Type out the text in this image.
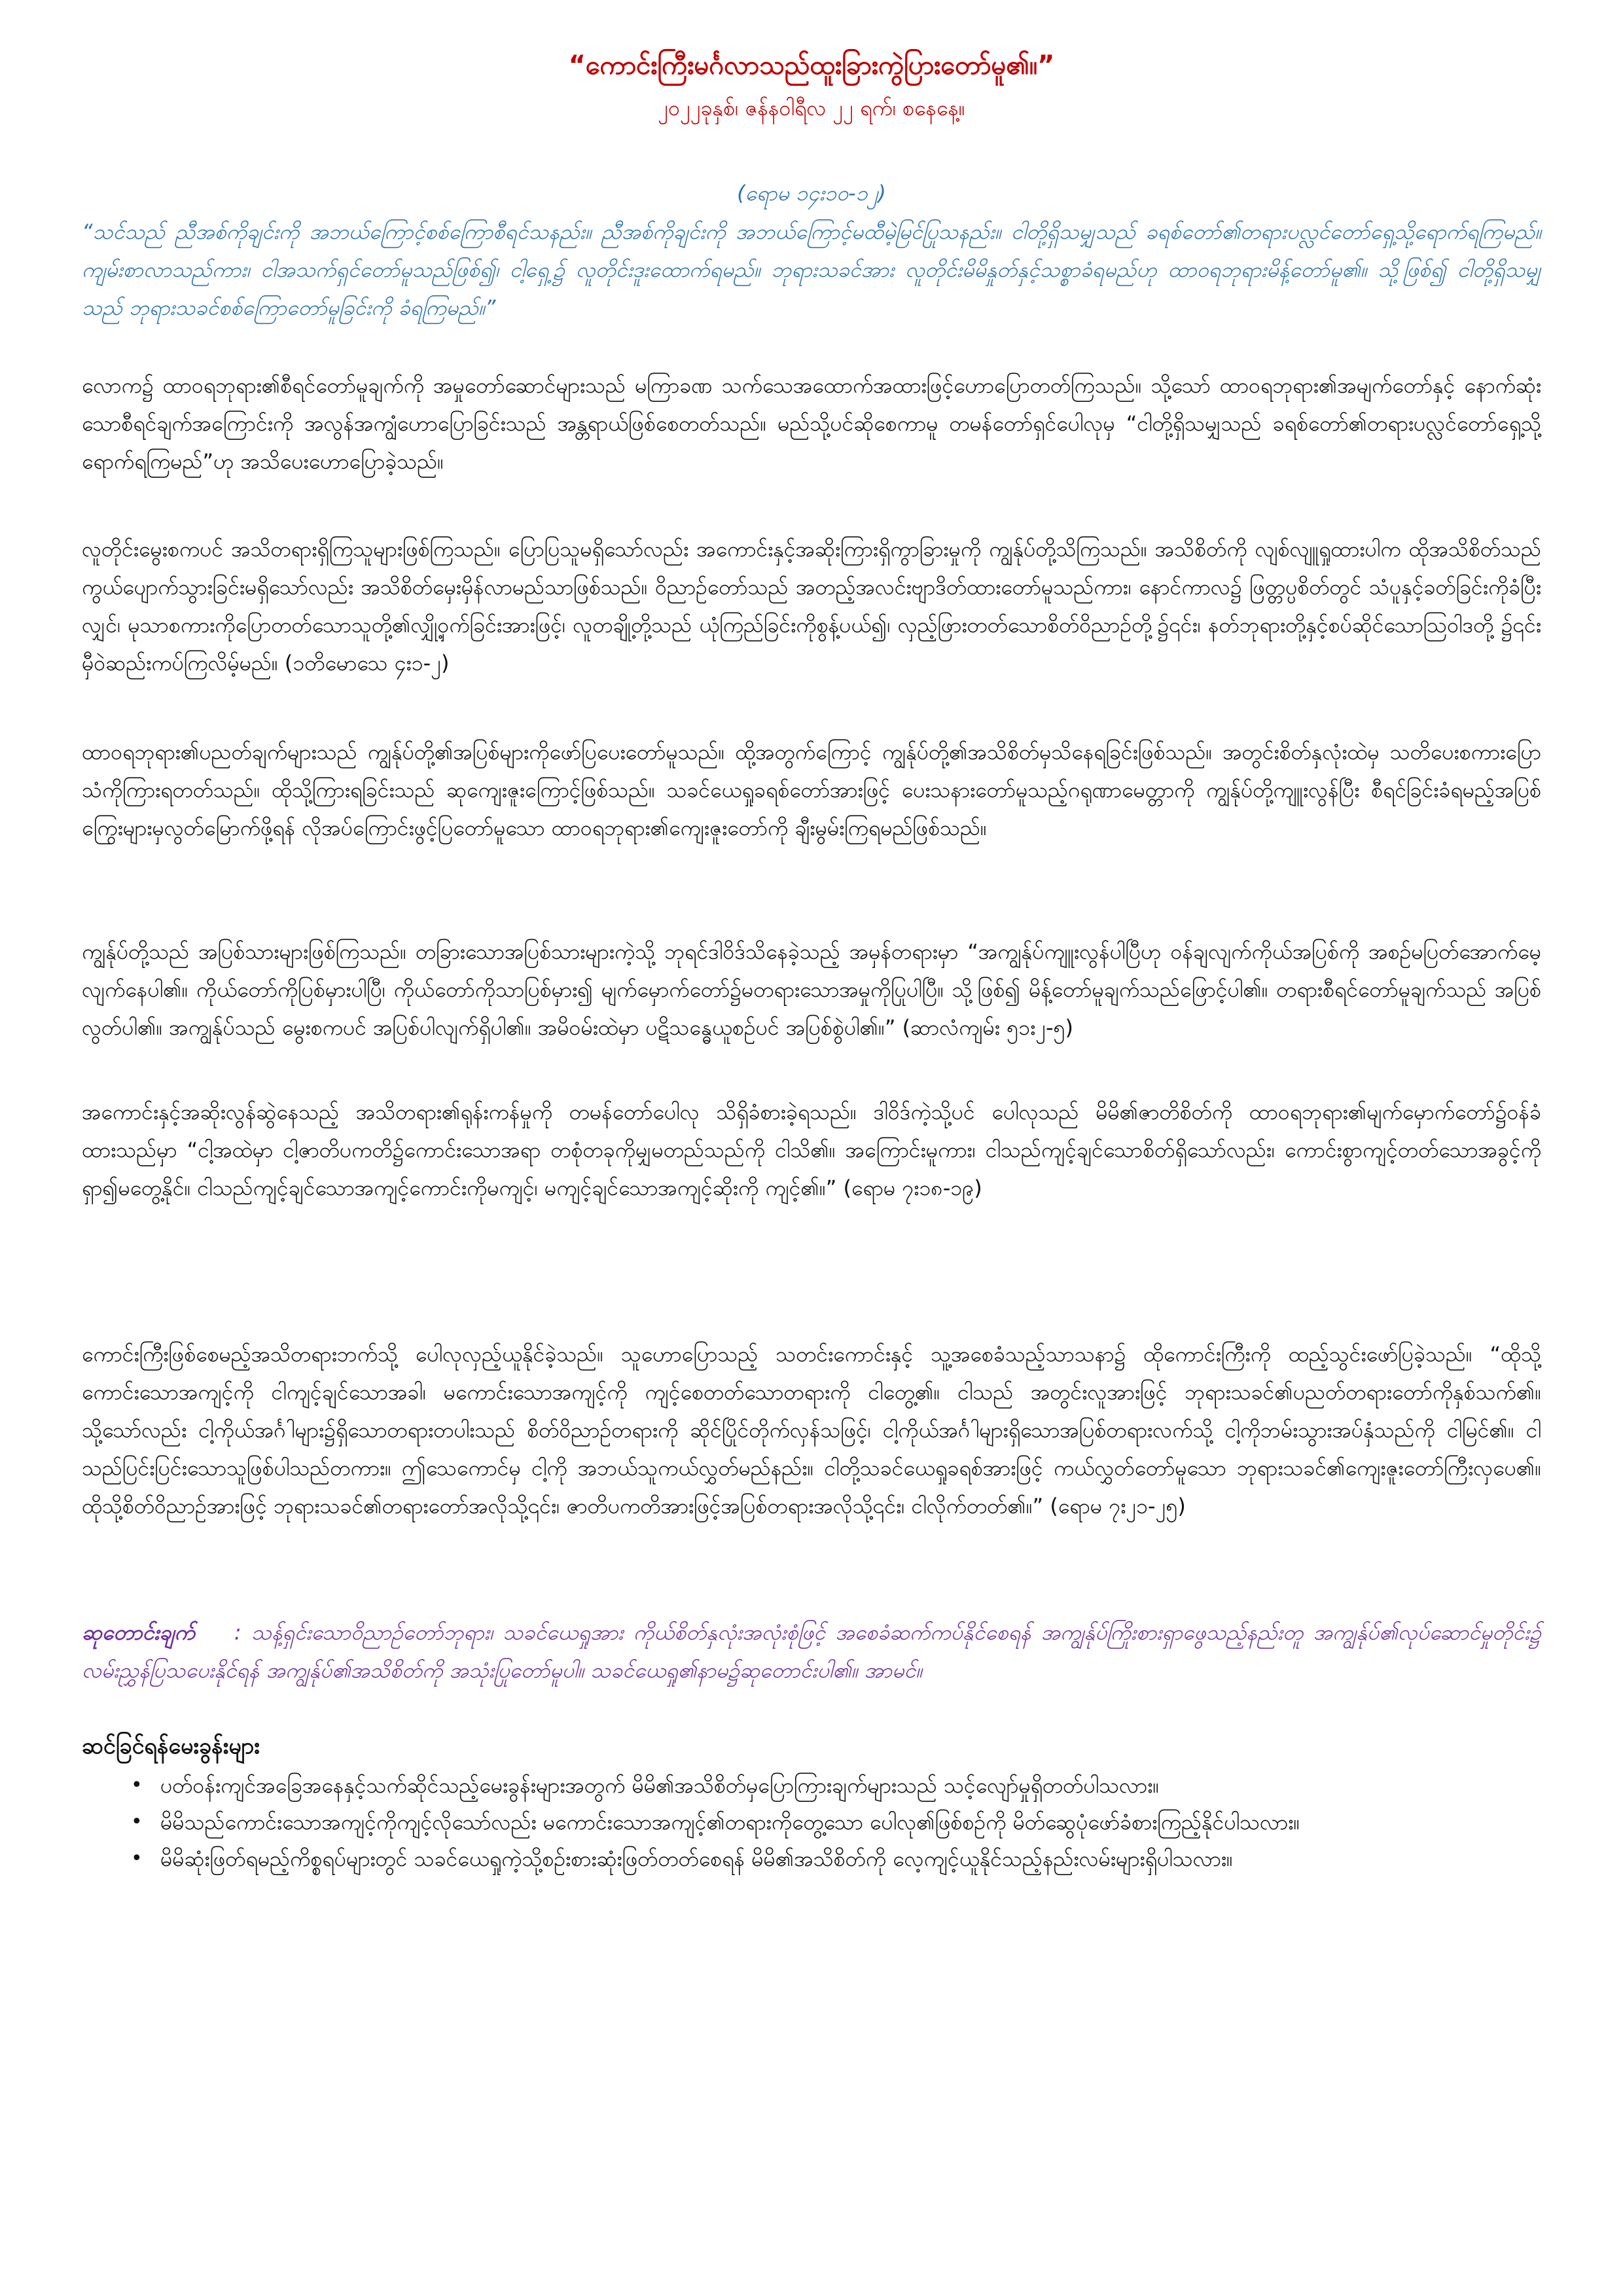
“ကောင်းကြီးမင်္ဂလာသည်ထူးခြားကွဲပြားတော်မူ၏။”
၂၀၂၂ခုနှစ်၊ ဇန်နဝါရီလ ၂၂ ရက်၊ စနေနေ့။
(ရောမ ၁၄း၁၀-၁၂)
“သင်သည် ညီအစ်ကိုချင်းကို အဘယ်ကြောင့်စစ်ကြောစီရင်သနည်း။ ညီအစ်ကိုချင်းကို အဘယ်ကြောင့်မထီမဲ့မြင်ပြုသနည်း။ ငါတို့ရှိသမျှသည် ခရစ်တော်၏တရားပလ္လင်တော်ရှေ့သို့ရောက်ရကြမည်။ ကျမ်းစာလာသည်ကား၊ ငါအသက်ရှင်တော်မူသည်ဖြစ်၍၊ ငါ့ရှေ့၌ လူတိုင်းဒူးထောက်ရမည်။ ဘုရားသခင်အား လူတိုင်းမိမိနှုတ်နှင့်သစ္စာခံရမည်ဟု ထာဝရဘုရားမိန့်တော်မူ၏။ သို့ဖြစ်၍ ငါတို့ရှိသမျှသည် ဘုရားသခင်စစ်ကြောတော်မူခြင်းကို ခံရကြမည်။”
လောက၌ ထာဝရဘုရား၏စီရင်တော်မူချက်ကို အမှုတော်ဆောင်များသည် မကြာခဏ သက်သေအထောက်အထားဖြင့်ဟောပြောတတ်ကြသည်။ သို့သော် ထာဝရဘုရား၏အမျက်တော်နှင့် နောက်ဆုံးသောစီရင်ချက်အကြောင်းကို အလွန်အကျွံဟောပြောခြင်းသည် အန္တရာယ်ဖြစ်စေတတ်သည်။ မည်သို့ပင်ဆိုစေကာမူ တမန်တော်ရှင်ပေါလုမှ “ငါတို့ရှိသမျှသည် ခရစ်တော်၏တရားပလ္လင်တော်ရှေ့သို့ရောက်ရကြမည်”ဟု အသိပေးဟောပြောခဲ့သည်။
လူတိုင်းမွေးစကပင် အသိတရားရှိကြသူများဖြစ်ကြသည်။ ပြောပြသူမရှိသော်လည်း အကောင်းနှင့်အဆိုးကြားရှိကွာခြားမှုကို ကျွန်ုပ်တို့သိကြသည်။ အသိစိတ်ကို လျစ်လျူရှုထားပါက ထိုအသိစိတ်သည် ကွယ်ပျောက်သွားခြင်းမရှိသော်လည်း အသိစိတ်မှေးမှိန်လာမည်သာဖြစ်သည်။ ဝိညာဉ်တော်သည် အတည့်အလင်းဗျာဒိတ်ထားတော်မူသည်ကား၊ နောင်ကာလ၌ ဖြတ္တပ္ပစိတ်တွင် သံပူနှင့်ခတ်ခြင်းကိုခံပြီးလျှင်၊ မုသာစကားကိုပြောတတ်သောသူတို့၏လျှို့ဝှက်ခြင်းအားဖြင့်၊ လူတချို့တို့သည် ယုံကြည်ခြင်းကိုစွန့်ပယ်၍၊ လှည့်ဖြားတတ်သောစိတ်ဝိညာဉ်တို့၌၎င်း၊ နတ်ဘုရားတို့နှင့်စပ်ဆိုင်သောဩဝါဒတို့ ၌၎င်းမှီဝဲဆည်းကပ်ကြလိမ့်မည်။ (၁တိမောသေ ၄း၁-၂)
ထာဝရဘုရား၏ပညတ်ချက်များသည် ကျွန်ုပ်တို့၏အပြစ်များကိုဖော်ပြပေးတော်မူသည်။ ထို့အတွက်ကြောင့် ကျွန်ုပ်တို့၏အသိစိတ်မှသိနေရခြင်းဖြစ်သည်။ အတွင်းစိတ်နှလုံးထဲမှ သတိပေးစကားပြောသံကိုကြားရတတ်သည်။ ထိုသို့ကြားရခြင်းသည် ဆုကျေးဇူးကြောင့်ဖြစ်သည်။ သခင်ယေရှုခရစ်တော်အားဖြင့် ပေးသနားတော်မူသည့်ဂရုဏာမေတ္တာကို ကျွန်ုပ်တို့ကျူးလွန်ပြီး စီရင်ခြင်းခံရမည့်အပြစ်ကြွေးများမှလွတ်မြောက်ဖို့ရန် လိုအပ်ကြောင်းဖွင့်ပြတော်မူသော ထာဝရဘုရား၏ကျေးဇူးတော်ကို ချီးမွမ်းကြရမည်ဖြစ်သည်။
ကျွန်ုပ်တို့သည် အပြစ်သားများဖြစ်ကြသည်။ တခြားသောအပြစ်သားများကဲ့သို့ ဘုရင်ဒါဝိဒ်သိနေခဲ့သည့် အမှန်တရားမှာ “အကျွန်ုပ်ကျူးလွန်ပါပြီဟု ဝန်ချလျက်ကိုယ်အပြစ်ကို အစဉ်မပြတ်အောက်မေ့လျက်နေပါ၏။ ကိုယ်တော်ကိုပြစ်မှားပါပြီ၊ ကိုယ်တော်ကိုသာပြစ်မှား၍ မျက်မှောက်တော်၌မတရားသောအမှုကိုပြုပါပြီ။ သို့ဖြစ်၍ မိန့်တော်မူချက်သည်ဖြောင့်ပါ၏။ တရားစီရင်တော်မူချက်သည် အပြစ်လွတ်ပါ၏။ အကျွန်ုပ်သည် မွေးစကပင် အပြစ်ပါလျက်ရှိပါ၏။ အမိဝမ်းထဲမှာ ပဋိသန္ဓေယူစဉ်ပင် အပြစ်စွဲပါ၏။” (ဆာလံကျမ်း ၅၁း၂-၅)
အကောင်းနှင့်အဆိုးလွန်ဆွဲနေသည့် အသိတရား၏ရုန်းကန်မှုကို တမန်တော်ပေါလု သိရှိခံစားခဲ့ရသည်။ ဒါဝိဒ်ကဲ့သို့ပင် ပေါလုသည် မိမိ၏ဇာတိစိတ်ကို ထာဝရဘုရား၏မျက်မှောက်တော်၌ဝန်ခံထားသည်မှာ “ငါ့အထဲမှာ ငါ့ဇာတိပကတိ၌ကောင်းသောအရာ တစုံတခုကိုမျှမတည်သည်ကို ငါသိ၏။ အကြောင်းမူကား၊ ငါသည်ကျင့်ချင်သောစိတ်ရှိသော်လည်း၊ ကောင်းစွာကျင့်တတ်သောအခွင့်ကိုရှာ၍မတွေ့နိုင်။ ငါသည်ကျင့်ချင်သောအကျင့်ကောင်းကိုမကျင့်၊ မကျင့်ချင်သောအကျင့်ဆိုးကို ကျင့်၏။” (ရောမ ၇း၁၈-၁၉)
ကောင်းကြီးဖြစ်စေမည့်အသိတရားဘက်သို့ ပေါလုလှည့်ယူနိုင်ခဲ့သည်။ သူဟောပြောသည့် သတင်းကောင်းနှင့် သူ့အစေခံသည့်သာသနာ၌ ထိုကောင်းကြီးကို ထည့်သွင်းဖော်ပြခဲ့သည်။ “ထိုသို့ကောင်းသောအကျင့်ကို ငါကျင့်ချင်သောအခါ၊ မကောင်းသောအကျင့်ကို ကျင့်စေတတ်သောတရားကို ငါတွေ့၏။ ငါသည် အတွင်းလူအားဖြင့် ဘုရားသခင်၏ပညတ်တရားတော်ကိုနှစ်သက်၏။ သို့သော်လည်း ငါ့ကိုယ်အင်္ဂါများ၌ရှိသောတရားတပါးသည် စိတ်ဝိညာဉ်တရားကို ဆိုင်ပြိုင်တိုက်လှန်သဖြင့်၊ ငါ့ကိုယ်အင်္ဂါများရှိသောအပြစ်တရားလက်သို့ ငါ့ကိုဘမ်းသွားအပ်နှံသည်ကို ငါမြင်၏။ ငါသည်ပြင်းပြင်းသောသူဖြစ်ပါသည်တကား။ ဤသေကောင်မှ ငါ့ကို အဘယ်သူကယ်လွှတ်မည်နည်း။ ငါတို့သခင်ယေရှုခရစ်အားဖြင့် ကယ်လွှတ်တော်မူသော ဘုရားသခင်၏ကျေးဇူးတော်ကြီးလှပေ၏။ ထိုသို့စိတ်ဝိညာဉ်အားဖြင့် ဘုရားသခင်၏တရားတော်အလိုသို့၎င်း၊ ဇာတိပကတိအားဖြင့်အပြစ်တရားအလိုသို့၎င်း၊ ငါလိုက်တတ်၏။” (ရောမ ၇း၂၁-၂၅)
ဆုတောင်းချက် : သန့်ရှင်းသောဝိညာဉ်တော်ဘုရား၊ သခင်ယေရှုအား ကိုယ်စိတ်နှလုံးအလုံးစုံဖြင့် အစေခံဆက်ကပ်နိုင်စေရန် အကျွန်ုပ်ကြိုးစားရှာဖွေသည့်နည်းတူ အကျွန်ုပ်၏လုပ်ဆောင်မှုတိုင်း၌ လမ်းညွှန်ပြသပေးနိုင်ရန် အကျွန်ုပ်၏အသိစိတ်ကို အသုံးပြုတော်မူပါ။ သခင်ယေရှု၏နာမ၌ဆုတောင်းပါ၏။ အာမင်။
ဆင်ခြင်ရန်မေးခွန်းများ
• ပတ်ဝန်းကျင်အခြေအနေနှင့်သက်ဆိုင်သည့်မေးခွန်းများအတွက် မိမိ၏အသိစိတ်မှပြောကြားချက်များသည် သင့်လျော်မှုရှိတတ်ပါသလား။
• မိမိသည်ကောင်းသောအကျင့်ကိုကျင့်လိုသော်လည်း မကောင်းသောအကျင့်၏တရားကိုတွေ့သော ပေါလု၏ဖြစ်စဉ်ကို မိတ်ဆွေပုံဖော်ခံစားကြည့်နိုင်ပါသလား။
• မိမိဆုံးဖြတ်ရမည့်ကိစ္စရပ်များတွင် သခင်ယေရှုကဲ့သို့စဉ်းစားဆုံးဖြတ်တတ်စေရန် မိမိ၏အသိစိတ်ကို လေ့ကျင့်ယူနိုင်သည့်နည်းလမ်းများရှိပါသလား။
